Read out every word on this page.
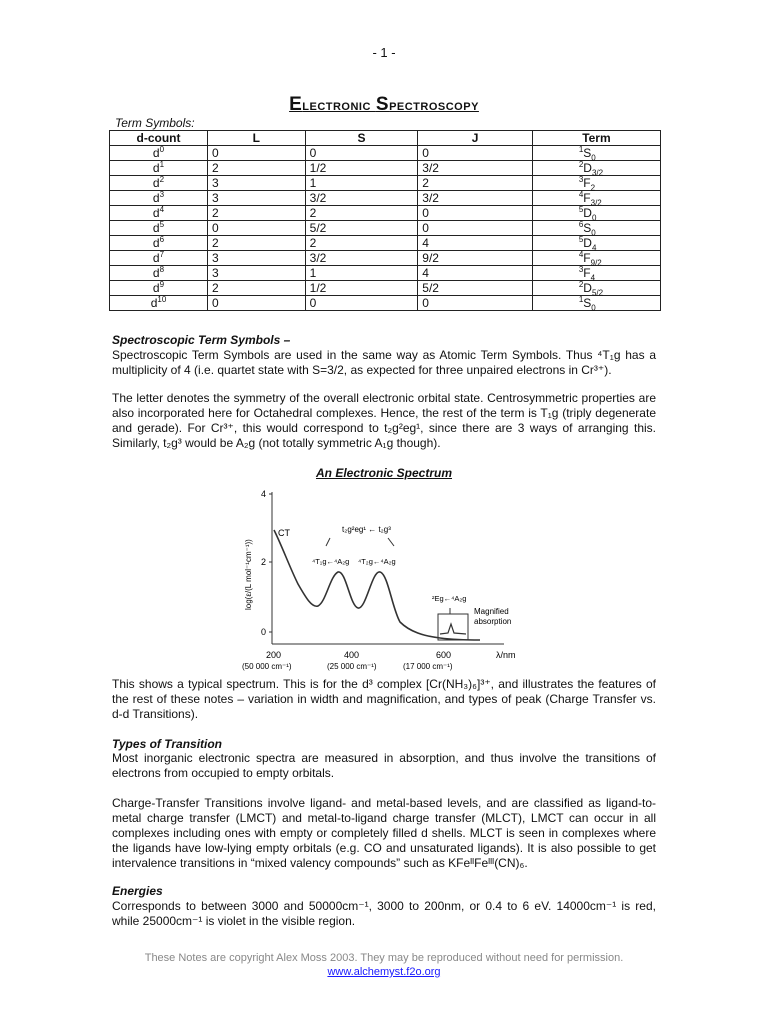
- 1 -
Electronic Spectroscopy
Term Symbols:
d-count	L	S	J	Term
$d^0$	0	0	0	$^1S_0$
$d^1$	2	1/2	3/2	$^2D_{3/2}$
$d^2$	3	1	2	$^3F_2$
$d^3$	3	3/2	3/2	$^4F_{3/2}$
$d^4$	2	2	0	$^5D_0$
$d^5$	0	5/2	0	$^6S_0$
$d^6$	2	2	4	$^5D_4$
$d^7$	3	3/2	9/2	$^4F_{9/2}$
$d^8$	3	1	4	$^3F_4$
$d^9$	2	1/2	5/2	$^2D_{5/2}$
$d^{10}$	0	0	0	$^1S_0$
Spectroscopic Term Symbols –
Spectroscopic Term Symbols are used in the same way as Atomic Term Symbols. Thus ⁴T₁g has a multiplicity of 4 (i.e. quartet state with S=3/2, as expected for three unpaired electrons in Cr³⁺).
The letter denotes the symmetry of the overall electronic orbital state. Centrosymmetric properties are also incorporated here for Octahedral complexes. Hence, the rest of the term is T₁g (triply degenerate and gerade). For Cr³⁺, this would correspond to t₂g²eg¹, since there are 3 ways of arranging this. Similarly, t₂g³ would be A₂g (not totally symmetric A₁g though).
An Electronic Spectrum
4
2
0
log(ε/(L mol⁻¹cm⁻¹))
200	400	600
(50 000 cm⁻¹)	(25 000 cm⁻¹)	(17 000 cm⁻¹)
λ/nm
CT	t₂g²eg¹ ← t₂g³
⁴T₁g←⁴A₂g ⁴T₂g←⁴A₂g
²Eg←⁴A₂g
Magnified
absorption
This shows a typical spectrum. This is for the d³ complex [Cr(NH₃)₆]³⁺, and illustrates the features of the rest of these notes – variation in width and magnification, and types of peak (Charge Transfer vs. d-d Transitions).
Types of Transition
Most inorganic electronic spectra are measured in absorption, and thus involve the transitions of electrons from occupied to empty orbitals.
Charge-Transfer Transitions involve ligand- and metal-based levels, and are classified as ligand-to-metal charge transfer (LMCT) and metal-to-ligand charge transfer (MLCT), LMCT can occur in all complexes including ones with empty or completely filled d shells. MLCT is seen in complexes where the ligands have low-lying empty orbitals (e.g. CO and unsaturated ligands). It is also possible to get intervalence transitions in “mixed valency compounds” such as KFeᴵᴵFeᴵᴵᴵ(CN)₆.
Energies
Corresponds to between 3000 and 50000cm⁻¹, 3000 to 200nm, or 0.4 to 6 eV. 14000cm⁻¹ is red, while 25000cm⁻¹ is violet in the visible region.
These Notes are copyright Alex Moss 2003. They may be reproduced without need for permission.
www.alchemyst.f2o.org
